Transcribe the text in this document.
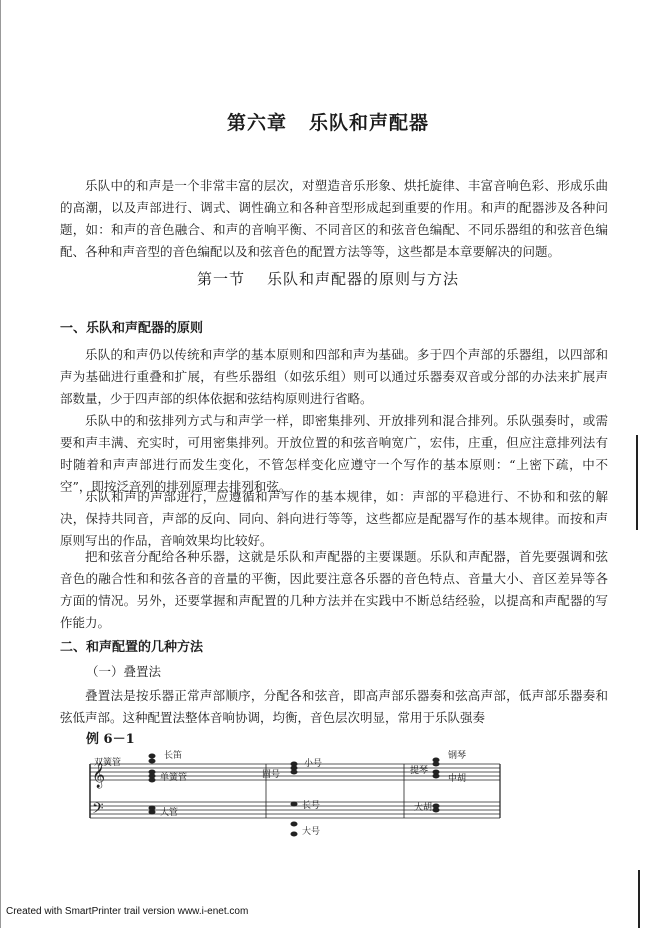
第六章 乐队和声配器

乐队中的和声是一个非常丰富的层次，对塑造音乐形象、烘托旋律、丰富音响色彩、形成乐曲的高潮，以及声部进行、调式、调性确立和各种音型形成起到重要的作用。和声的配器涉及各种问题，如：和声的音色融合、和声的音响平衡、不同音区的和弦音色编配、不同乐器组的和弦音色编配、各种和声音型的音色编配以及和弦音色的配置方法等等，这些都是本章要解决的问题。

第一节 乐队和声配器的原则与方法
一、乐队和声配器的原则

乐队的和声仍以传统和声学的基本原则和四部和声为基础。多于四个声部的乐器组，以四部和声为基础进行重叠和扩展，有些乐器组（如弦乐组）则可以通过乐器奏双音或分部的办法来扩展声部数量，少于四声部的织体依据和弦结构原则进行省略。

乐队中的和弦排列方式与和声学一样，即密集排列、开放排列和混合排列。乐队强奏时，或需要和声丰满、充实时，可用密集排列。开放位置的和弦音响宽广，宏伟，庄重，但应注意排列法有时随着和声声部进行而发生变化，不管怎样变化应遵守一个写作的基本原则：“上密下疏，中不空”，即按泛音列的排列原理去排列和弦。

乐队和声的声部进行，应遵循和声写作的基本规律，如：声部的平稳进行、不协和和弦的解决，保持共同音，声部的反向、同向、斜向进行等等，这些都应是配器写作的基本规律。而按和声原则写出的作品，音响效果均比较好。

把和弦音分配给各种乐器，这就是乐队和声配器的主要课题。乐队和声配器，首先要强调和弦音色的融合性和和弦各音的音量的平衡，因此要注意各乐器的音色特点、音量大小、音区差异等各方面的情况。另外，还要掌握和声配置的几种方法并在实践中不断总结经验，以提高和声配器的写作能力。

二、和声配置的几种方法
（一）叠置法

叠置法是按乐器正常声部顺序，分配各和弦音，即高声部乐器奏和弦高声部，低声部乐器奏和弦低声部。这种配置法整体音响协调，均衡，音色层次明显，常用于乐队强奏

例 6－1
𝄞
𝄢
双簧管
长笛
单簧管
大管
圆号
小号
长号
大号
提琴
钢琴
中胡
大胡
Created with SmartPrinter trail version www.i-enet.com
